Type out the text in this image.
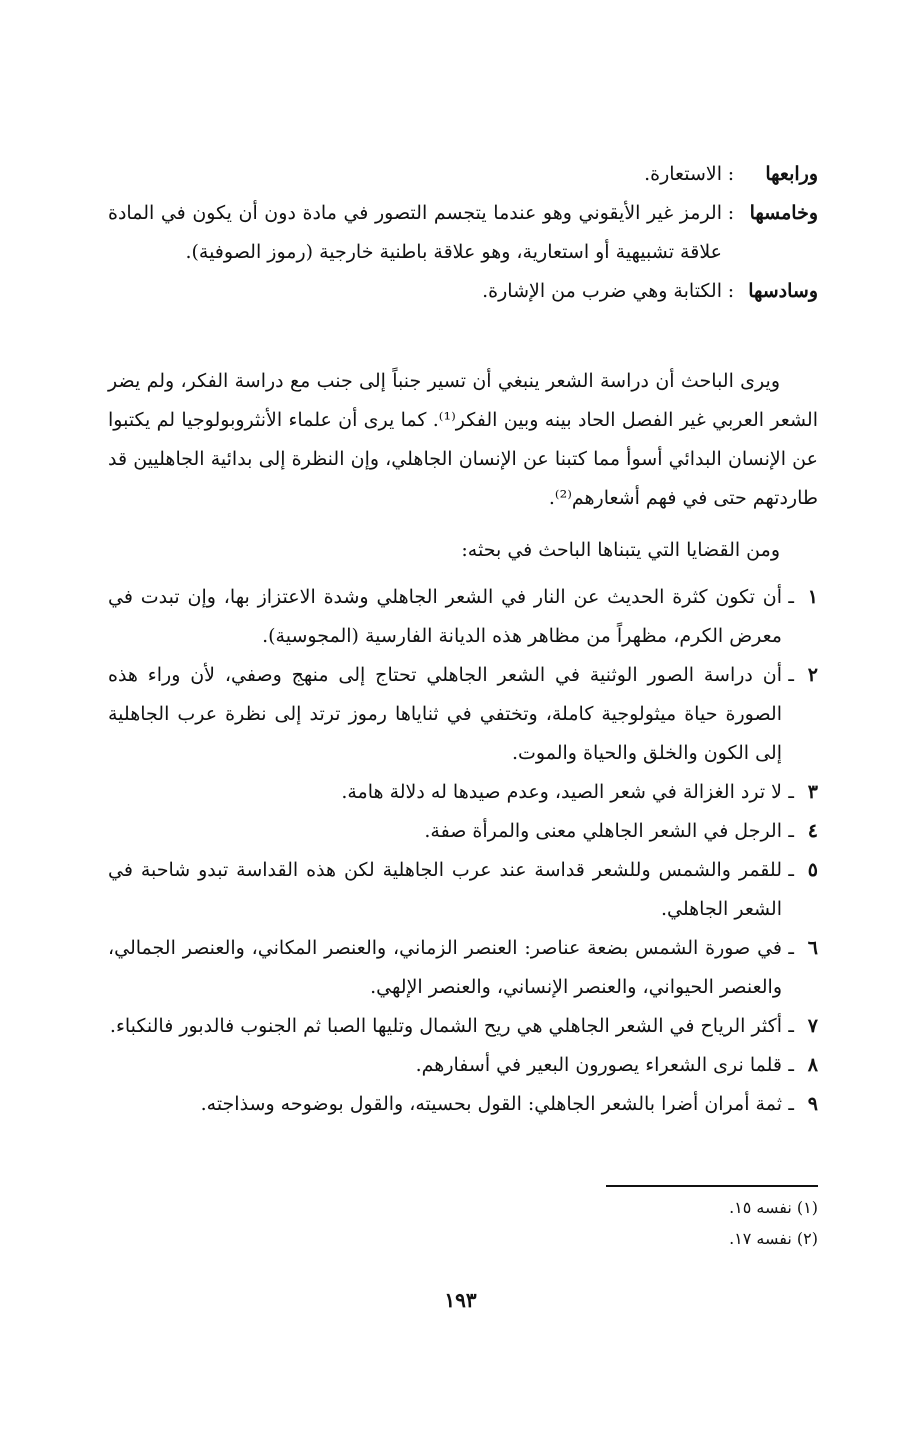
ورابعها
:
الاستعارة.
وخامسها
:
الرمز غير الأيقوني وهو عندما يتجسم التصور في مادة دون أن يكون في المادة علاقة تشبيهية أو استعارية، وهو علاقة باطنية خارجية (رموز الصوفية).
وسادسها
:
الكتابة وهي ضرب من الإشارة.

ويرى الباحث أن دراسة الشعر ينبغي أن تسير جنباً إلى جنب مع دراسة الفكر، ولم يضر الشعر العربي غير الفصل الحاد بينه وبين الفكر⁽¹⁾. كما يرى أن علماء الأنثروبولوجيا لم يكتبوا عن الإنسان البدائي أسوأ مما كتبنا عن الإنسان الجاهلي، وإن النظرة إلى بدائية الجاهليين قد طاردتهم حتى في فهم أشعارهم⁽²⁾.

ومن القضايا التي يتبناها الباحث في بحثه:

١
ـ
أن تكون كثرة الحديث عن النار في الشعر الجاهلي وشدة الاعتزاز بها، وإن تبدت في معرض الكرم، مظهراً من مظاهر هذه الديانة الفارسية (المجوسية).
٢
ـ
أن دراسة الصور الوثنية في الشعر الجاهلي تحتاج إلى منهج وصفي، لأن وراء هذه الصورة حياة ميثولوجية كاملة، وتختفي في ثناياها رموز ترتد إلى نظرة عرب الجاهلية إلى الكون والخلق والحياة والموت.
٣
ـ
لا ترد الغزالة في شعر الصيد، وعدم صيدها له دلالة هامة.
٤
ـ
الرجل في الشعر الجاهلي معنى والمرأة صفة.
٥
ـ
للقمر والشمس وللشعر قداسة عند عرب الجاهلية لكن هذه القداسة تبدو شاحبة في الشعر الجاهلي.
٦
ـ
في صورة الشمس بضعة عناصر: العنصر الزماني، والعنصر المكاني، والعنصر الجمالي، والعنصر الحيواني، والعنصر الإنساني، والعنصر الإلهي.
٧
ـ
أكثر الرياح في الشعر الجاهلي هي ريح الشمال وتليها الصبا ثم الجنوب فالدبور فالنكباء.
٨
ـ
قلما نرى الشعراء يصورون البعير في أسفارهم.
٩
ـ
ثمة أمران أضرا بالشعر الجاهلي: القول بحسيته، والقول بوضوحه وسذاجته.
(١) نفسه ١٥.
(٢) نفسه ١٧.
١٩٣
